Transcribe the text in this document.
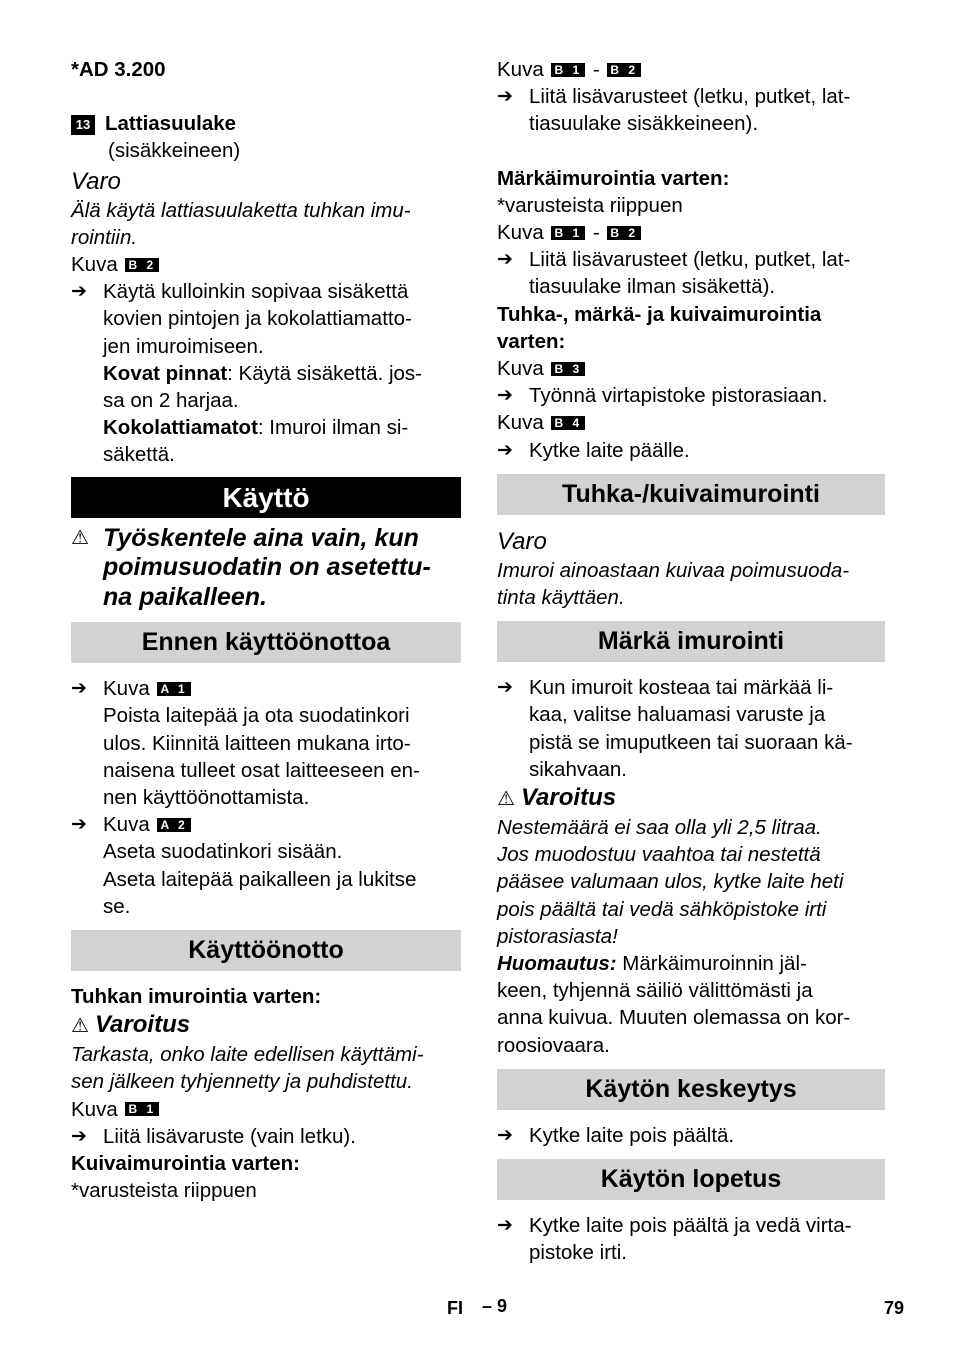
*AD 3.200
13 Lattiasuulake
(sisäkkeineen)
Varo
Älä käytä lattiasuulaketta tuhkan imu-
rointiin.
Kuva B 2
➔ Käytä kulloinkin sopivaa sisäkettä
kovien pintojen ja kokolattiamatto-
jen imuroimiseen.
Kovat pinnat: Käytä sisäkettä. jos-
sa on 2 harjaa.
Kokolattiamatot: Imuroi ilman si-
säkettä.
Käyttö
⚠ Työskentele aina vain, kun
poimusuodatin on asetettu-
na paikalleen.
Ennen käyttöönottoa
➔ Kuva A 1
Poista laitepää ja ota suodatinkori
ulos. Kiinnitä laitteen mukana irto-
naisena tulleet osat laitteeseen en-
nen käyttöönottamista.
➔ Kuva A 2
Aseta suodatinkori sisään.
Aseta laitepää paikalleen ja lukitse
se.
Käyttöönotto
Tuhkan imurointia varten:
⚠ Varoitus
Tarkasta, onko laite edellisen käyttämi-
sen jälkeen tyhjennetty ja puhdistettu.
Kuva B 1
➔ Liitä lisävaruste (vain letku).
Kuivaimurointia varten:
*varusteista riippuen
Kuva B 1 - B 2
➔ Liitä lisävarusteet (letku, putket, lat-
tiasuulake sisäkkeineen).
Märkäimurointia varten:
*varusteista riippuen
Kuva B 1 - B 2
➔ Liitä lisävarusteet (letku, putket, lat-
tiasuulake ilman sisäkettä).
Tuhka-, märkä- ja kuivaimurointia
varten:
Kuva B 3
➔ Työnnä virtapistoke pistorasiaan.
Kuva B 4
➔ Kytke laite päälle.
Tuhka-/kuivaimurointi
Varo
Imuroi ainoastaan kuivaa poimusuoda-
tinta käyttäen.
Märkä imurointi
➔ Kun imuroit kosteaa tai märkää li-
kaa, valitse haluamasi varuste ja
pistä se imuputkeen tai suoraan kä-
sikahvaan.
⚠ Varoitus
Nestemäärä ei saa olla yli 2,5 litraa.
Jos muodostuu vaahtoa tai nestettä
pääsee valumaan ulos, kytke laite heti
pois päältä tai vedä sähköpistoke irti
pistorasiasta!
Huomautus: Märkäimuroinnin jäl-
keen, tyhjennä säiliö välittömästi ja
anna kuivua. Muuten olemassa on kor-
roosiovaara.
Käytön keskeytys
➔ Kytke laite pois päältä.
Käytön lopetus
➔ Kytke laite pois päältä ja vedä virta-
pistoke irti.
FI – 9	79
